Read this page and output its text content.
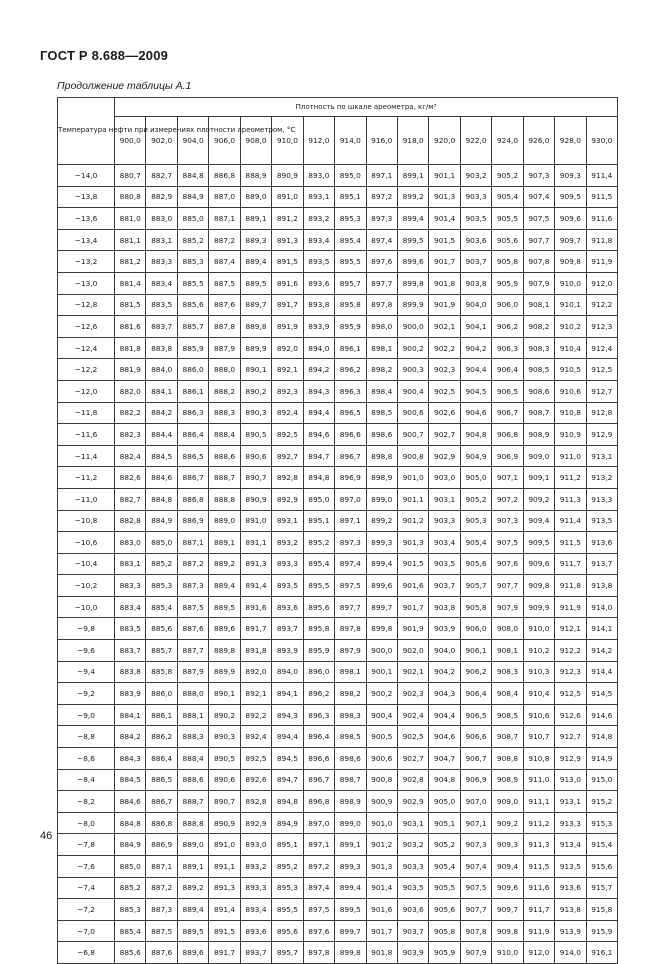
ГОСТ Р 8.688—2009

Продолжение таблицы А.1

Температура нефти при измерениях плотности ареометром, °С	Плотность по шкале ареометра, кг/м³															
	900,0	902,0	904,0	906,0	908,0	910,0	912,0	914,0	916,0	918,0	920,0	922,0	924,0	926,0	928,0	930,0
−14,0	880,7	882,7	884,8	886,8	888,9	890,9	893,0	895,0	897,1	899,1	901,1	903,2	905,2	907,3	909,3	911,4
−13,8	880,8	882,9	884,9	887,0	889,0	891,0	893,1	895,1	897,2	899,2	901,3	903,3	905,4	907,4	909,5	911,5
−13,6	881,0	883,0	885,0	887,1	889,1	891,2	893,2	895,3	897,3	899,4	901,4	903,5	905,5	907,5	909,6	911,6
−13,4	881,1	883,1	885,2	887,2	889,3	891,3	893,4	895,4	897,4	899,5	901,5	903,6	905,6	907,7	909,7	911,8
−13,2	881,2	883,3	885,3	887,4	889,4	891,5	893,5	895,5	897,6	899,6	901,7	903,7	905,8	907,8	909,8	911,9
−13,0	881,4	883,4	885,5	887,5	889,5	891,6	893,6	895,7	897,7	899,8	901,8	903,8	905,9	907,9	910,0	912,0
−12,8	881,5	883,5	885,6	887,6	889,7	891,7	893,8	895,8	897,8	899,9	901,9	904,0	906,0	908,1	910,1	912,2
−12,6	881,6	883,7	885,7	887,8	889,8	891,9	893,9	895,9	898,0	900,0	902,1	904,1	906,2	908,2	910,2	912,3
−12,4	881,8	883,8	885,9	887,9	889,9	892,0	894,0	896,1	898,1	900,2	902,2	904,2	906,3	908,3	910,4	912,4
−12,2	881,9	884,0	886,0	888,0	890,1	892,1	894,2	896,2	898,2	900,3	902,3	904,4	906,4	908,5	910,5	912,5
−12,0	882,0	884,1	886,1	888,2	890,2	892,3	894,3	896,3	898,4	900,4	902,5	904,5	906,5	908,6	910,6	912,7
−11,8	882,2	884,2	886,3	888,3	890,3	892,4	894,4	896,5	898,5	900,6	902,6	904,6	906,7	908,7	910,8	912,8
−11,6	882,3	884,4	886,4	888,4	890,5	892,5	894,6	896,6	898,6	900,7	902,7	904,8	906,8	908,9	910,9	912,9
−11,4	882,4	884,5	886,5	888,6	890,6	892,7	894,7	896,7	898,8	900,8	902,9	904,9	906,9	909,0	911,0	913,1
−11,2	882,6	884,6	886,7	888,7	890,7	892,8	894,8	896,9	898,9	901,0	903,0	905,0	907,1	909,1	911,2	913,2
−11,0	882,7	884,8	886,8	888,8	890,9	892,9	895,0	897,0	899,0	901,1	903,1	905,2	907,2	909,2	911,3	913,3
−10,8	882,8	884,9	886,9	889,0	891,0	893,1	895,1	897,1	899,2	901,2	903,3	905,3	907,3	909,4	911,4	913,5
−10,6	883,0	885,0	887,1	889,1	891,1	893,2	895,2	897,3	899,3	901,3	903,4	905,4	907,5	909,5	911,5	913,6
−10,4	883,1	885,2	887,2	889,2	891,3	893,3	895,4	897,4	899,4	901,5	903,5	905,6	907,6	909,6	911,7	913,7
−10,2	883,3	885,3	887,3	889,4	891,4	893,5	895,5	897,5	899,6	901,6	903,7	905,7	907,7	909,8	911,8	913,8
−10,0	883,4	885,4	887,5	889,5	891,6	893,6	895,6	897,7	899,7	901,7	903,8	905,8	907,9	909,9	911,9	914,0
−9,8	883,5	885,6	887,6	889,6	891,7	893,7	895,8	897,8	899,8	901,9	903,9	906,0	908,0	910,0	912,1	914,1
−9,6	883,7	885,7	887,7	889,8	891,8	893,9	895,9	897,9	900,0	902,0	904,0	906,1	908,1	910,2	912,2	914,2
−9,4	883,8	885,8	887,9	889,9	892,0	894,0	896,0	898,1	900,1	902,1	904,2	906,2	908,3	910,3	912,3	914,4
−9,2	883,9	886,0	888,0	890,1	892,1	894,1	896,2	898,2	900,2	902,3	904,3	906,4	908,4	910,4	912,5	914,5
−9,0	884,1	886,1	888,1	890,2	892,2	894,3	896,3	898,3	900,4	902,4	904,4	906,5	908,5	910,6	912,6	914,6
−8,8	884,2	886,2	888,3	890,3	892,4	894,4	896,4	898,5	900,5	902,5	904,6	906,6	908,7	910,7	912,7	914,8
−8,6	884,3	886,4	888,4	890,5	892,5	894,5	896,6	898,6	900,6	902,7	904,7	906,7	908,8	910,8	912,9	914,9
−8,4	884,5	886,5	888,6	890,6	892,6	894,7	896,7	898,7	900,8	902,8	904,8	906,9	908,9	911,0	913,0	915,0
−8,2	884,6	886,7	888,7	890,7	892,8	894,8	896,8	898,9	900,9	902,9	905,0	907,0	909,0	911,1	913,1	915,2
−8,0	884,8	886,8	888,8	890,9	892,9	894,9	897,0	899,0	901,0	903,1	905,1	907,1	909,2	911,2	913,3	915,3
−7,8	884,9	886,9	889,0	891,0	893,0	895,1	897,1	899,1	901,2	903,2	905,2	907,3	909,3	911,3	913,4	915,4
−7,6	885,0	887,1	889,1	891,1	893,2	895,2	897,2	899,3	901,3	903,3	905,4	907,4	909,4	911,5	913,5	915,6
−7,4	885,2	887,2	889,2	891,3	893,3	895,3	897,4	899,4	901,4	903,5	905,5	907,5	909,6	911,6	913,6	915,7
−7,2	885,3	887,3	889,4	891,4	893,4	895,5	897,5	899,5	901,6	903,6	905,6	907,7	909,7	911,7	913,8	915,8
−7,0	885,4	887,5	889,5	891,5	893,6	895,6	897,6	899,7	901,7	903,7	905,8	907,8	909,8	911,9	913,9	915,9
−6,8	885,6	887,6	889,6	891,7	893,7	895,7	897,8	899,8	901,8	903,9	905,9	907,9	910,0	912,0	914,0	916,1

46
